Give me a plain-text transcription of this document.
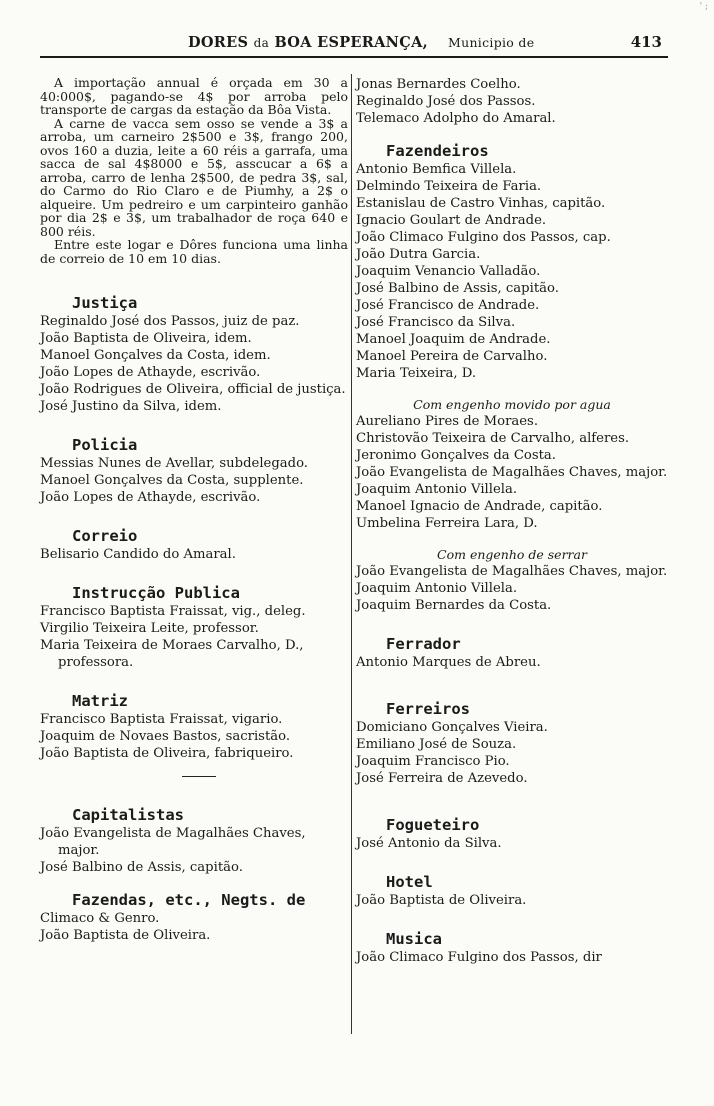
DORES da BOA ESPERANÇA, Municipio de	413
' ;

A importação annual é orçada em 30 a 40:000$, pagando-se 4$ por arroba pelo transporte de cargas da estação da Bôa Vista.

A carne de vacca sem osso se vende a 3$ a arroba, um carneiro 2$500 e 3$, frango 200, ovos 160 a duzia, leite a 60 réis a garrafa, uma sacca de sal 4$8000 e 5$, asscucar a 6$ a arroba, carro de lenha 2$500, de pedra 3$, sal, do Carmo do Rio Claro e de Piumhy, a 2$ o alqueire. Um pedreiro e um carpinteiro ganhão por dia 2$ e 3$, um trabalhador de roça 640 e 800 réis.

Entre este logar e Dôres funciona uma linha de correio de 10 em 10 dias.

Justiça

Reginaldo José dos Passos, juiz de paz.

João Baptista de Oliveira, idem.

Manoel Gonçalves da Costa, idem.

João Lopes de Athayde, escrivão.

João Rodrigues de Oliveira, official de justiça.

José Justino da Silva, idem.

Policia

Messias Nunes de Avellar, subdelegado.

Manoel Gonçalves da Costa, supplente.

João Lopes de Athayde, escrivão.

Correio

Belisario Candido do Amaral.

Instrucção Publica

Francisco Baptista Fraissat, vig., deleg.

Virgilio Teixeira Leite, professor.

Maria Teixeira de Moraes Carvalho, D., professora.

Matriz

Francisco Baptista Fraissat, vigario.

Joaquim de Novaes Bastos, sacristão.

João Baptista de Oliveira, fabriqueiro.

Capitalistas

João Evangelista de Magalhães Chaves, major.

José Balbino de Assis, capitão.

Fazendas, etc., Negts. de

Climaco & Genro.

João Baptista de Oliveira.

Jonas Bernardes Coelho.

Reginaldo José dos Passos.

Telemaco Adolpho do Amaral.

Fazendeiros

Antonio Bemfica Villela.

Delmindo Teixeira de Faria.

Estanislau de Castro Vinhas, capitão.

Ignacio Goulart de Andrade.

João Climaco Fulgino dos Passos, cap.

João Dutra Garcia.

Joaquim Venancio Valladão.

José Balbino de Assis, capitão.

José Francisco de Andrade.

José Francisco da Silva.

Manoel Joaquim de Andrade.

Manoel Pereira de Carvalho.

Maria Teixeira, D.

Com engenho movido por agua

Aureliano Pires de Moraes.

Christovão Teixeira de Carvalho, alferes.

Jeronimo Gonçalves da Costa.

João Evangelista de Magalhães Chaves, major.

Joaquim Antonio Villela.

Manoel Ignacio de Andrade, capitão.

Umbelina Ferreira Lara, D.

Com engenho de serrar

João Evangelista de Magalhães Chaves, major.

Joaquim Antonio Villela.

Joaquim Bernardes da Costa.

Ferrador

Antonio Marques de Abreu.

Ferreiros

Domiciano Gonçalves Vieira.

Emiliano José de Souza.

Joaquim Francisco Pio.

José Ferreira de Azevedo.

Fogueteiro

José Antonio da Silva.

Hotel

João Baptista de Oliveira.

Musica

João Climaco Fulgino dos Passos, dir
